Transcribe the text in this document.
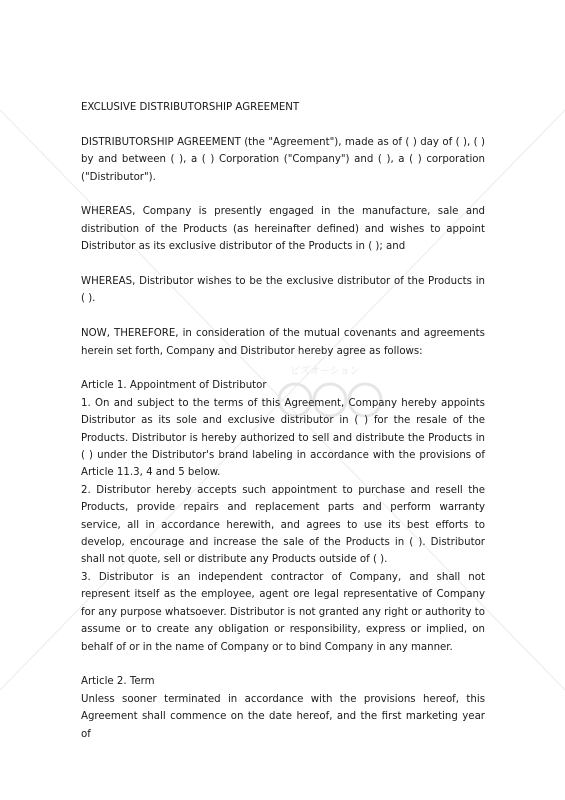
ビズオーション

EXCLUSIVE DISTRIBUTORSHIP AGREEMENT

DISTRIBUTORSHIP AGREEMENT (the "Agreement"), made as of ( ) day of ( ), ( ) by and between ( ), a ( ) Corporation ("Company") and ( ), a ( ) corporation ("Distributor").

WHEREAS, Company is presently engaged in the manufacture, sale and distribution of the Products (as hereinafter defined) and wishes to appoint Distributor as its exclusive distributor of the Products in ( ); and

WHEREAS, Distributor wishes to be the exclusive distributor of the Products in ( ).

NOW, THEREFORE, in consideration of the mutual covenants and agreements herein set forth, Company and Distributor hereby agree as follows:

Article 1. Appointment of Distributor

1. On and subject to the terms of this Agreement, Company hereby appoints Distributor as its sole and exclusive distributor in ( ) for the resale of the Products. Distributor is hereby authorized to sell and distribute the Products in ( ) under the Distributor's brand labeling in accordance with the provisions of Article 11.3, 4 and 5 below.

2. Distributor hereby accepts such appointment to purchase and resell the Products, provide repairs and replacement parts and perform warranty service, all in accordance herewith, and agrees to use its best efforts to develop, encourage and increase the sale of the Products in ( ). Distributor shall not quote, sell or distribute any Products outside of ( ).

3. Distributor is an independent contractor of Company, and shall not represent itself as the employee, agent ore legal representative of Company for any purpose whatsoever. Distributor is not granted any right or authority to assume or to create any obligation or responsibility, express or implied, on behalf of or in the name of Company or to bind Company in any manner.

Article 2. Term

Unless sooner terminated in accordance with the provisions hereof, this Agreement shall commence on the date hereof, and the first marketing year of
